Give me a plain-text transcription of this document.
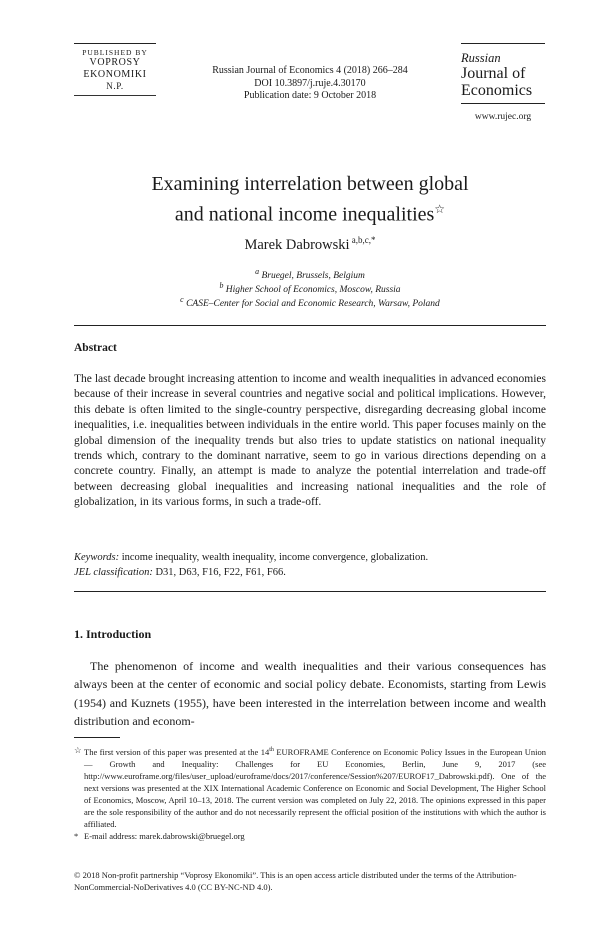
PUBLISHED BY
VOPROSY
EKONOMIKI
N.P.
Russian Journal of Economics 4 (2018) 266–284
DOI 10.3897/j.ruje.4.30170
Publication date: 9 October 2018
Russian
Journal of
Economics
www.rujec.org
Examining interrelation between global
and national income inequalities☆
Marek Dabrowski $^{a,b,c,*}$
$^a$ Bruegel, Brussels, Belgium
$^b$ Higher School of Economics, Moscow, Russia
$^c$ CASE–Center for Social and Economic Research, Warsaw, Poland
Abstract
The last decade brought increasing attention to income and wealth inequalities in advanced economies because of their increase in several countries and negative social and political implications. However, this debate is often limited to the single-country perspective, disregarding decreasing global income inequalities, i.e. inequalities between individuals in the entire world. This paper focuses mainly on the global dimension of the inequality trends but also tries to update statistics on national inequality trends which, contrary to the dominant narrative, seem to go in various directions depending on a concrete country. Finally, an attempt is made to analyze the potential interrelation and trade-off between decreasing global inequalities and increasing national inequalities and the role of globalization, in its various forms, in such a trade-off.
Keywords: income inequality, wealth inequality, income convergence, globalization.
JEL classification: D31, D63, F16, F22, F61, F66.
1. Introduction
The phenomenon of income and wealth inequalities and their various consequences has always been at the center of economic and social policy debate. Economists, starting from Lewis (1954) and Kuznets (1955), have been interested in the interrelation between income and wealth distribution and econom-
☆ The first version of this paper was presented at the 14th EUROFRAME Conference on Economic Policy Issues in the European Union — Growth and Inequality: Challenges for EU Economies, Berlin, June 9, 2017 (see http://www.euroframe.org/files/user_upload/euroframe/docs/2017/conference/Session%207/EUROF17_Dabrowski.pdf). One of the next versions was presented at the XIX International Academic Conference on Economic and Social Development, The Higher School of Economics, Moscow, April 10–13, 2018. The current version was completed on July 22, 2018. The opinions expressed in this paper are the sole responsibility of the author and do not necessarily represent the official position of the institutions with which the author is affiliated.
* E-mail address: marek.dabrowski@bruegel.org
© 2018 Non-profit partnership “Voprosy Ekonomiki”. This is an open access article distributed under the terms of the Attribution-NonCommercial-NoDerivatives 4.0 (CC BY-NC-ND 4.0).
